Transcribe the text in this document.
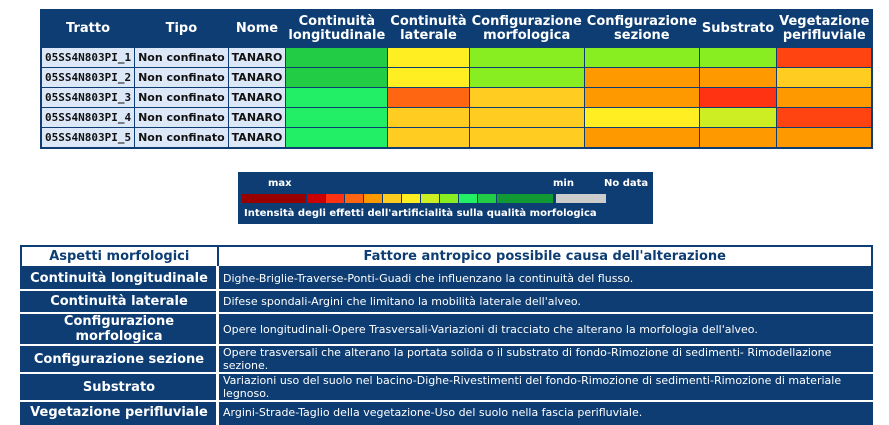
Tratto	Tipo	Nome	Continuità longitudinale	Continuità laterale	Configurazione morfologica	Configurazione sezione	Substrato	Vegetazione perifluviale
05SS4N803PI_1	Non confinato	TANARO						
05SS4N803PI_2	Non confinato	TANARO						
05SS4N803PI_3	Non confinato	TANARO						
05SS4N803PI_4	Non confinato	TANARO						
05SS4N803PI_5	Non confinato	TANARO						
max	min	No data
Intensità degli effetti dell'artificialità sulla qualità morfologica
Aspetti morfologici	Fattore antropico possibile causa dell'alterazione
Continuità longitudinale	Dighe-Briglie-Traverse-Ponti-Guadi che influenzano la continuità del flusso.
Continuità laterale	Difese spondali-Argini che limitano la mobilità laterale dell'alveo.
Configurazione morfologica	Opere longitudinali-Opere Trasversali-Variazioni di tracciato che alterano la morfologia dell'alveo.
Configurazione sezione	Opere trasversali che alterano la portata solida o il substrato di fondo-Rimozione di sedimenti- Rimodellazione sezione.
Substrato	Variazioni uso del suolo nel bacino-Dighe-Rivestimenti del fondo-Rimozione di sedimenti-Rimozione di materiale legnoso.
Vegetazione perifluviale	Argini-Strade-Taglio della vegetazione-Uso del suolo nella fascia perifluviale.
